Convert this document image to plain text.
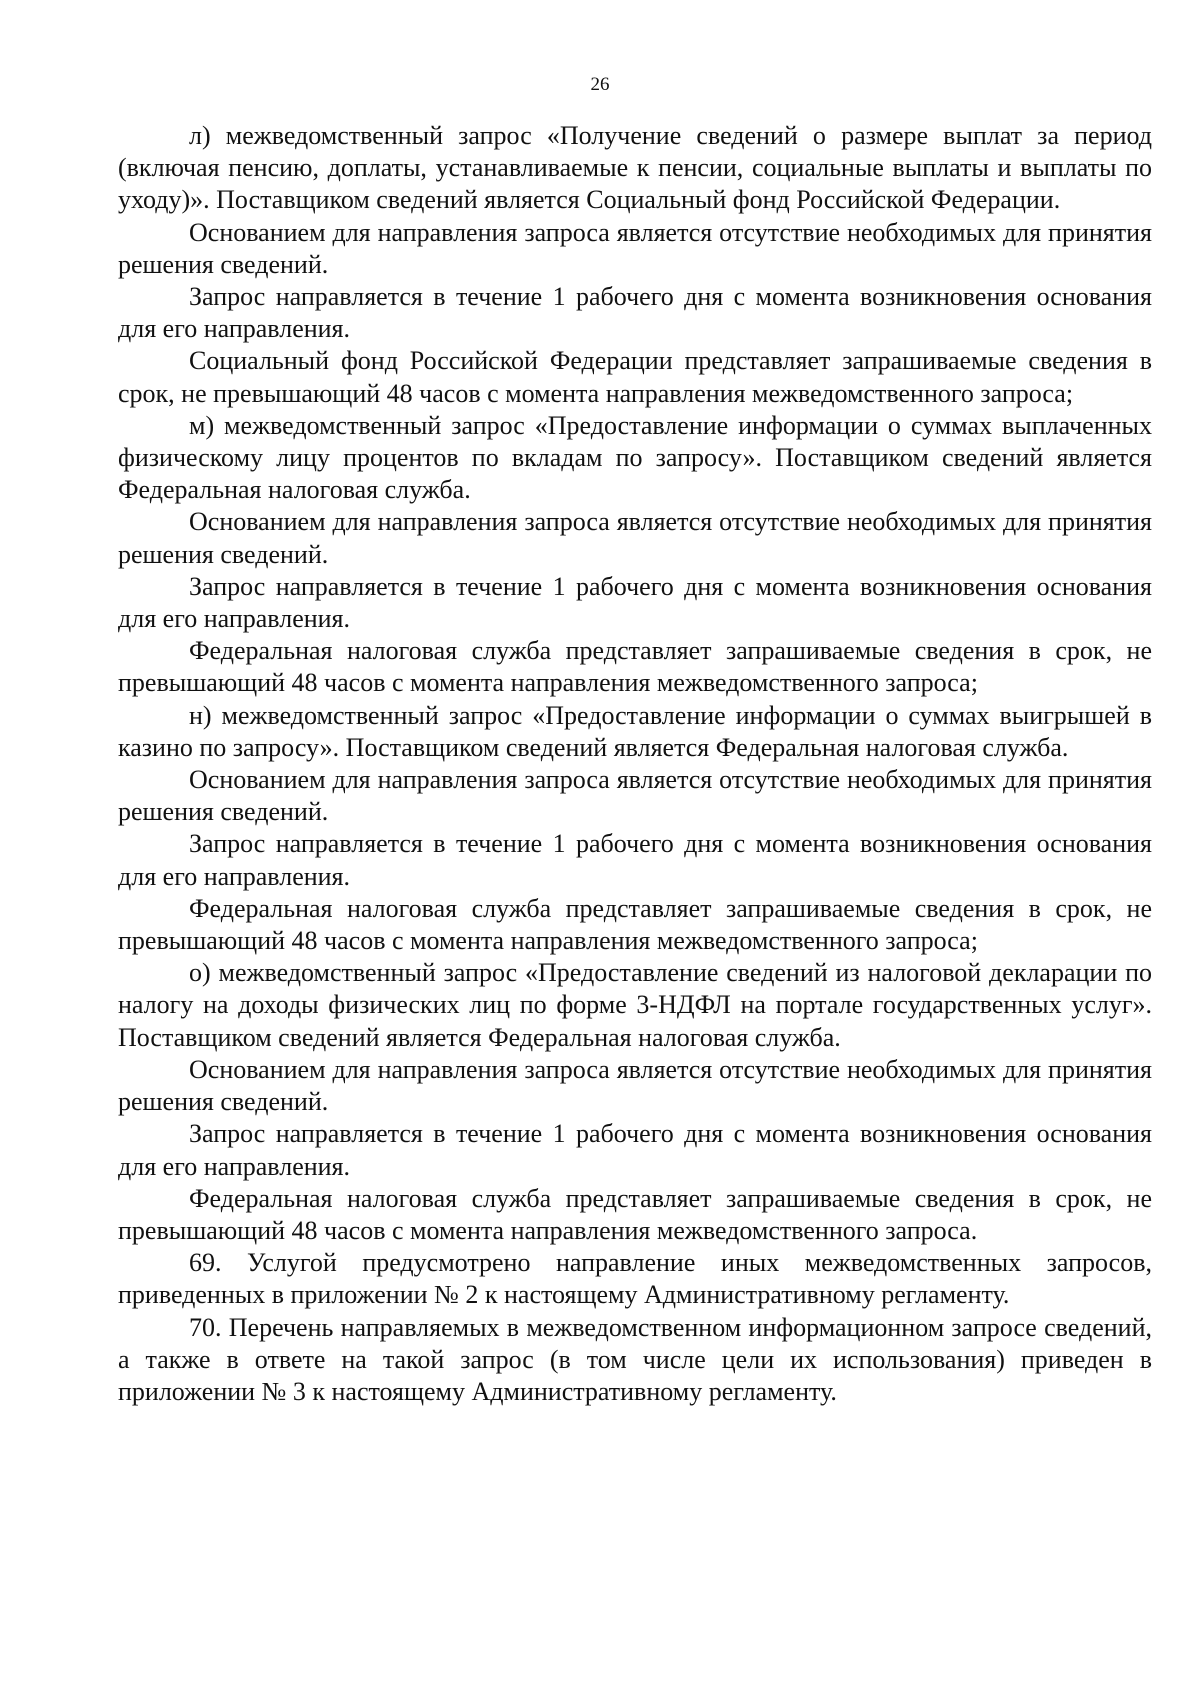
26

л) межведомственный запрос «Получение сведений о размере выплат за период (включая пенсию, доплаты, устанавливаемые к пенсии, социальные выплаты и выплаты по уходу)». Поставщиком сведений является Социальный фонд Российской Федерации.

Основанием для направления запроса является отсутствие необходимых для принятия решения сведений.

Запрос направляется в течение 1 рабочего дня с момента возникновения основания для его направления.

Социальный фонд Российской Федерации представляет запрашиваемые сведения в срок, не превышающий 48 часов с момента направления межведомственного запроса;

м) межведомственный запрос «Предоставление информации о суммах выплаченных физическому лицу процентов по вкладам по запросу». Поставщиком сведений является Федеральная налоговая служба.

Основанием для направления запроса является отсутствие необходимых для принятия решения сведений.

Запрос направляется в течение 1 рабочего дня с момента возникновения основания для его направления.

Федеральная налоговая служба представляет запрашиваемые сведения в срок, не превышающий 48 часов с момента направления межведомственного запроса;

н) межведомственный запрос «Предоставление информации о суммах выигрышей в казино по запросу». Поставщиком сведений является Федеральная налоговая служба.

Основанием для направления запроса является отсутствие необходимых для принятия решения сведений.

Запрос направляется в течение 1 рабочего дня с момента возникновения основания для его направления.

Федеральная налоговая служба представляет запрашиваемые сведения в срок, не превышающий 48 часов с момента направления межведомственного запроса;

о) межведомственный запрос «Предоставление сведений из налоговой декларации по налогу на доходы физических лиц по форме 3-НДФЛ на портале государственных услуг». Поставщиком сведений является Федеральная налоговая служба.

Основанием для направления запроса является отсутствие необходимых для принятия решения сведений.

Запрос направляется в течение 1 рабочего дня с момента возникновения основания для его направления.

Федеральная налоговая служба представляет запрашиваемые сведения в срок, не превышающий 48 часов с момента направления межведомственного запроса.

69. Услугой предусмотрено направление иных межведомственных запросов, приведенных в приложении № 2 к настоящему Административному регламенту.

70. Перечень направляемых в межведомственном информационном запросе сведений, а также в ответе на такой запрос (в том числе цели их использования) приведен в приложении № 3 к настоящему Административному регламенту.
